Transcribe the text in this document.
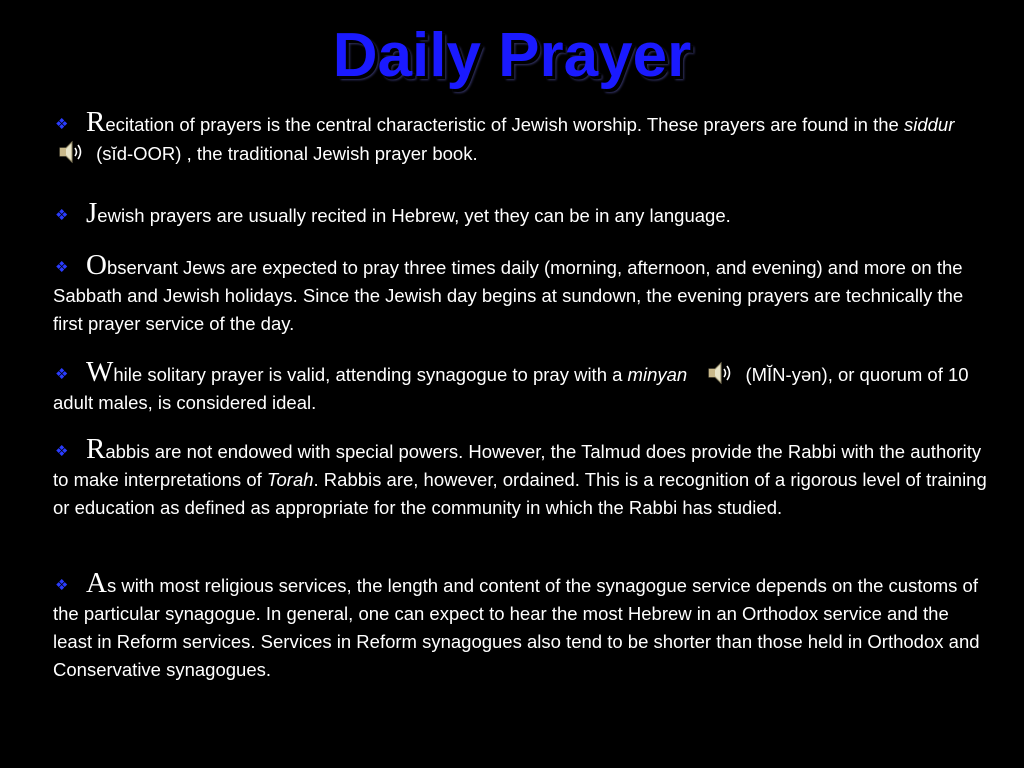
Daily Prayer
❖ Recitation of prayers is the central characteristic of Jewish worship. These prayers are found in the siddur  (sĭd-OOR) , the traditional Jewish prayer book.
❖ Jewish prayers are usually recited in Hebrew, yet they can be in any language.
❖ Observant Jews are expected to pray three times daily (morning, afternoon, and evening) and more on the Sabbath and Jewish holidays. Since the Jewish day begins at sundown, the evening prayers are technically the first prayer service of the day.
❖ While solitary prayer is valid, attending synagogue to pray with a minyan	(MĬN-yən), or quorum of 10 adult males, is considered ideal.
❖ Rabbis are not endowed with special powers. However, the Talmud does provide the Rabbi with the authority to make interpretations of Torah. Rabbis are, however, ordained. This is a recognition of a rigorous level of training or education as defined as appropriate for the community in which the Rabbi has studied.
❖ As with most religious services, the length and content of the synagogue service depends on the customs of the particular synagogue. In general, one can expect to hear the most Hebrew in an Orthodox service and the least in Reform services. Services in Reform synagogues also tend to be shorter than those held in Orthodox and Conservative synagogues.
